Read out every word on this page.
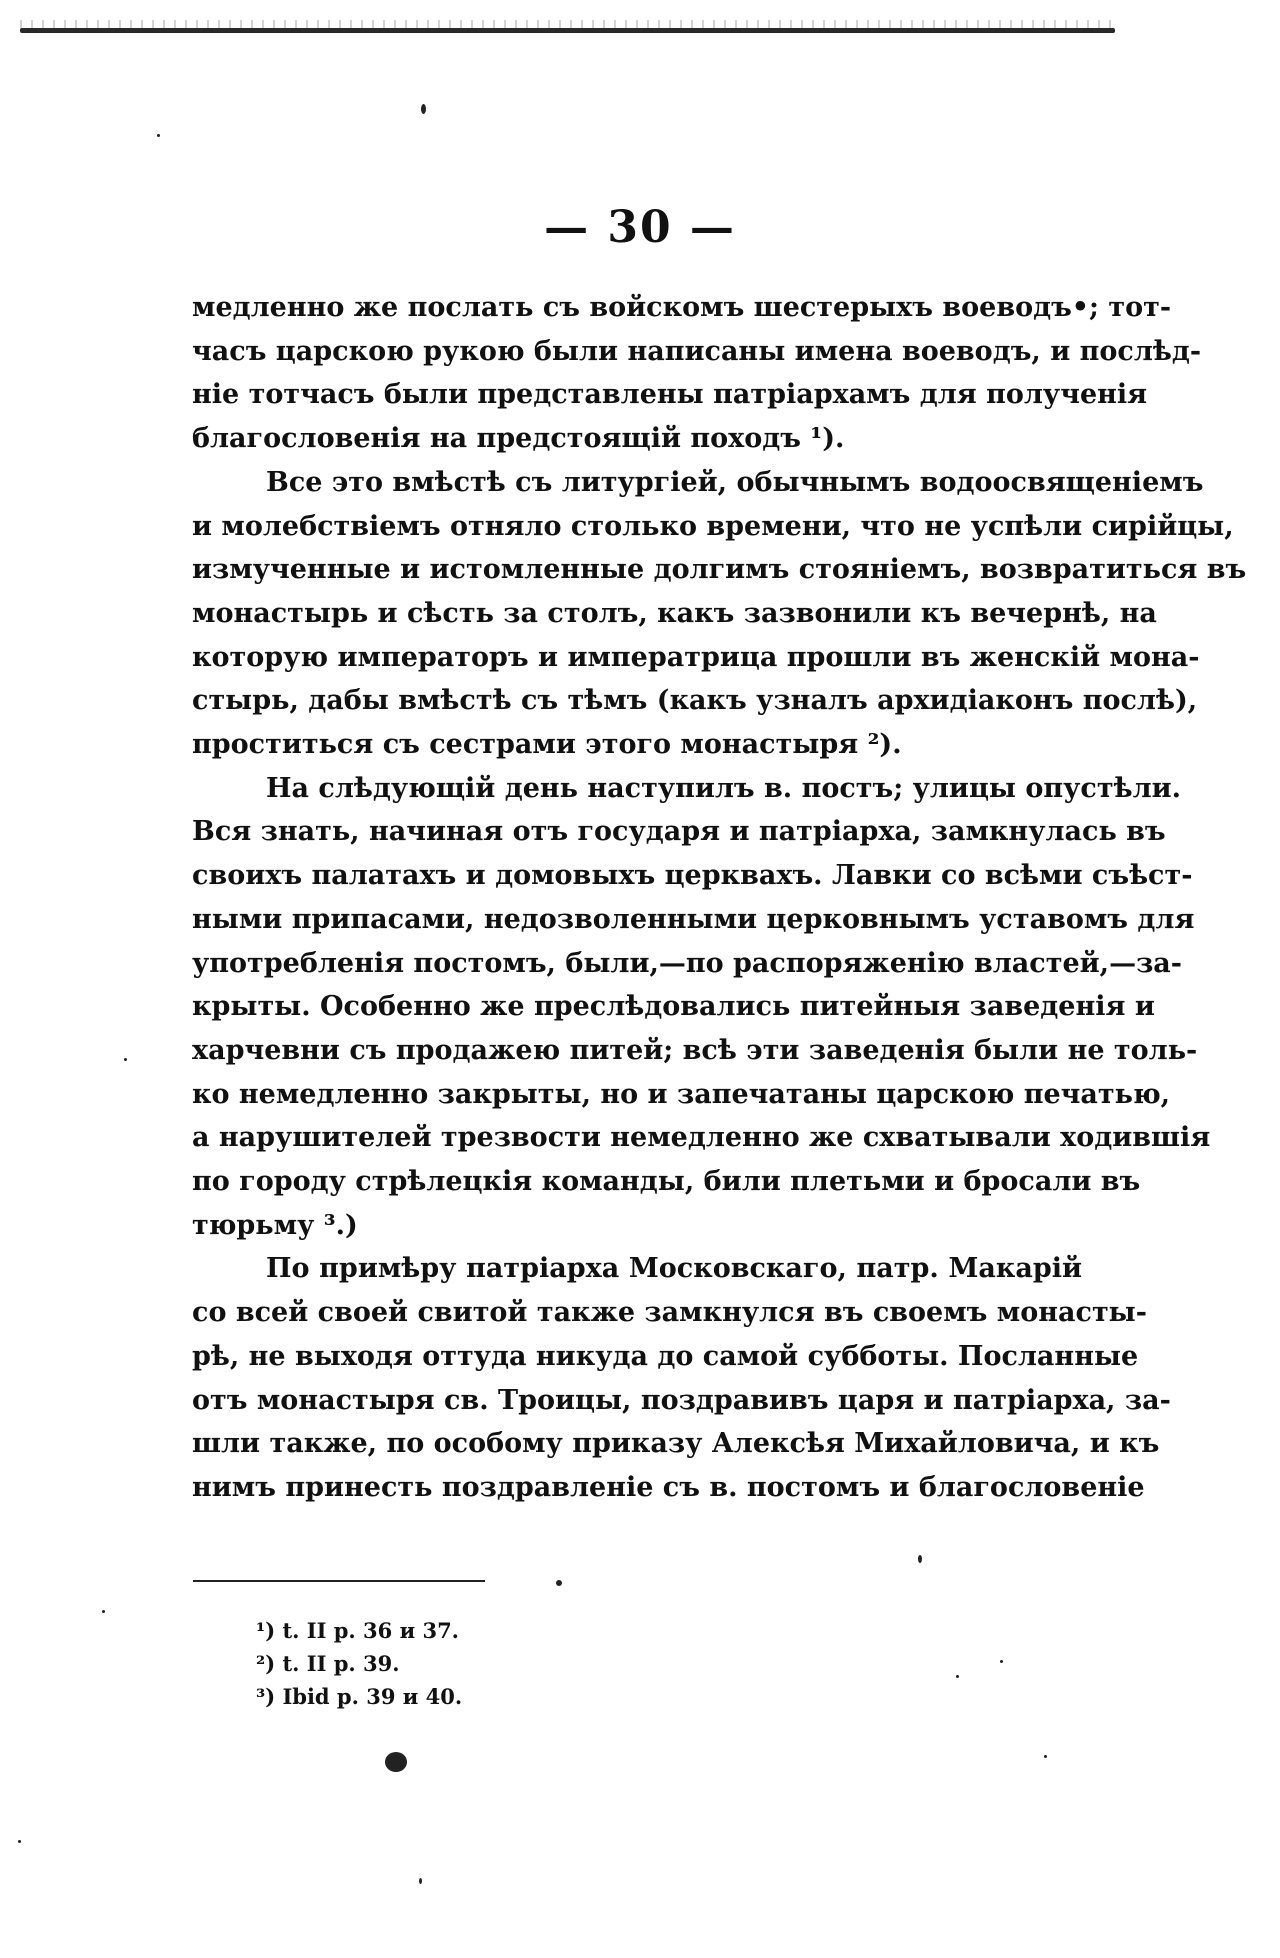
— 30 —
медленно же послать съ войскомъ шестерыхъ воеводъ•; тот-
часъ царскою рукою были написаны имена воеводъ, и послѣд-
ніе тотчасъ были представлены патріархамъ для полученія
благословенія на предстоящій походъ ¹).
Все это вмѣстѣ съ литургіей, обычнымъ водоосвященіемъ
и молебствіемъ отняло столько времени, что не успѣли сирійцы,
измученные и истомленные долгимъ стояніемъ, возвратиться въ
монастырь и сѣсть за столъ, какъ зазвонили къ вечернѣ, на
которую императоръ и императрица прошли въ женскій мона-
стырь, дабы вмѣстѣ съ тѣмъ (какъ узналъ архидіаконъ послѣ),
проститься съ сестрами этого монастыря ²).
На слѣдующій день наступилъ в. постъ; улицы опустѣли.
Вся знать, начиная отъ государя и патріарха, замкнулась въ
своихъ палатахъ и домовыхъ церквахъ. Лавки со всѣми съѣст-
ными припасами, недозволенными церковнымъ уставомъ для
употребленія постомъ, были,—по распоряженію властей,—за-
крыты. Особенно же преслѣдовались питейныя заведенія и
харчевни съ продажею питей; всѣ эти заведенія были не толь-
ко немедленно закрыты, но и запечатаны царскою печатью,
а нарушителей трезвости немедленно же схватывали ходившія
по городу стрѣлецкія команды, били плетьми и бросали въ
тюрьму ³.)
По примѣру патріарха Московскаго, патр. Макарій
со всей своей свитой также замкнулся въ своемъ монасты-
рѣ, не выходя оттуда никуда до самой субботы. Посланные
отъ монастыря св. Троицы, поздравивъ царя и патріарха, за-
шли также, по особому приказу Алексѣя Михайловича, и къ
нимъ принесть поздравленіе съ в. постомъ и благословеніе
¹) t. II p. 36 и 37.
²) t. II p. 39.
³) Ibid p. 39 и 40.
